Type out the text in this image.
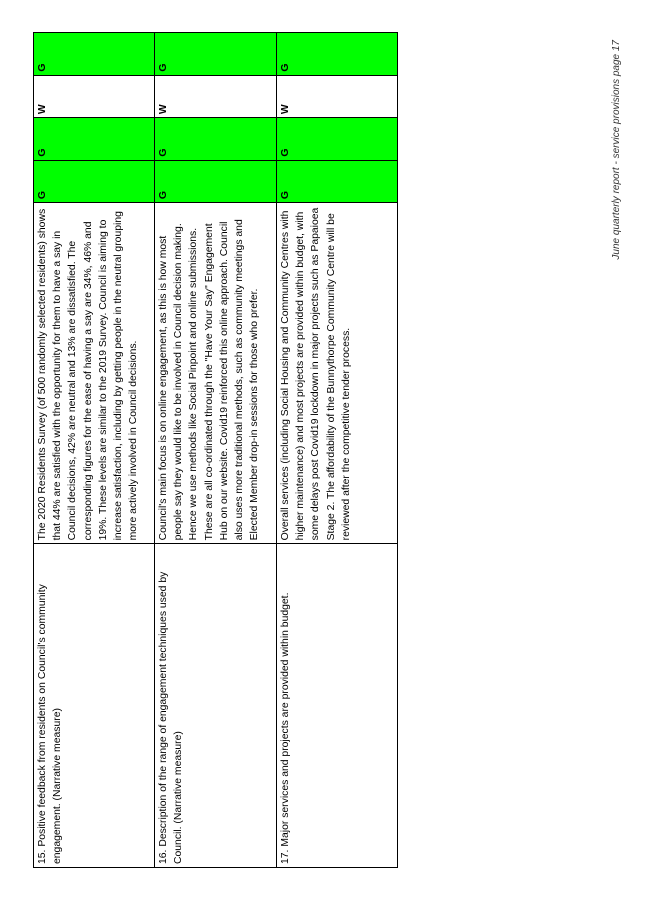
15. Positive feedback from residents on Council's community engagement. (Narrative measure)	The 2020 Residents Survey (of 500 randomly selected residents) shows that 44% are satisfied with the opportunity for them to have a say in Council decisions, 42% are neutral and 13% are dissatisfied. The corresponding figures for the ease of having a say are 34%, 46% and 19%. These levels are similar to the 2019 Survey. Council is aiming to increase satisfaction, including by getting people in the neutral grouping more actively involved in Council decisions.	G	G	W	G
16. Description of the range of engagement techniques used by Council. (Narrative measure)	Council's main focus is on online engagement, as this is how most people say they would like to be involved in Council decision making. Hence we use methods like Social Pinpoint and online submissions. These are all co-ordinated through the "Have Your Say" Engagement Hub on our website. Covid19 reinforced this online approach. Council also uses more traditional methods, such as community meetings and Elected Member drop-in sessions for those who prefer.	G	G	W	G
17. Major services and projects are provided within budget.	Overall services (including Social Housing and Community Centres with higher maintenance) and most projects are provided within budget, with some delays post Covid19 lockdown in major projects such as Papaioea Stage 2. The affordability of the Bunnythorpe Community Centre will be reviewed after the competitive tender process.	G	G	W	G	June quarterly report - service provisions page 17
